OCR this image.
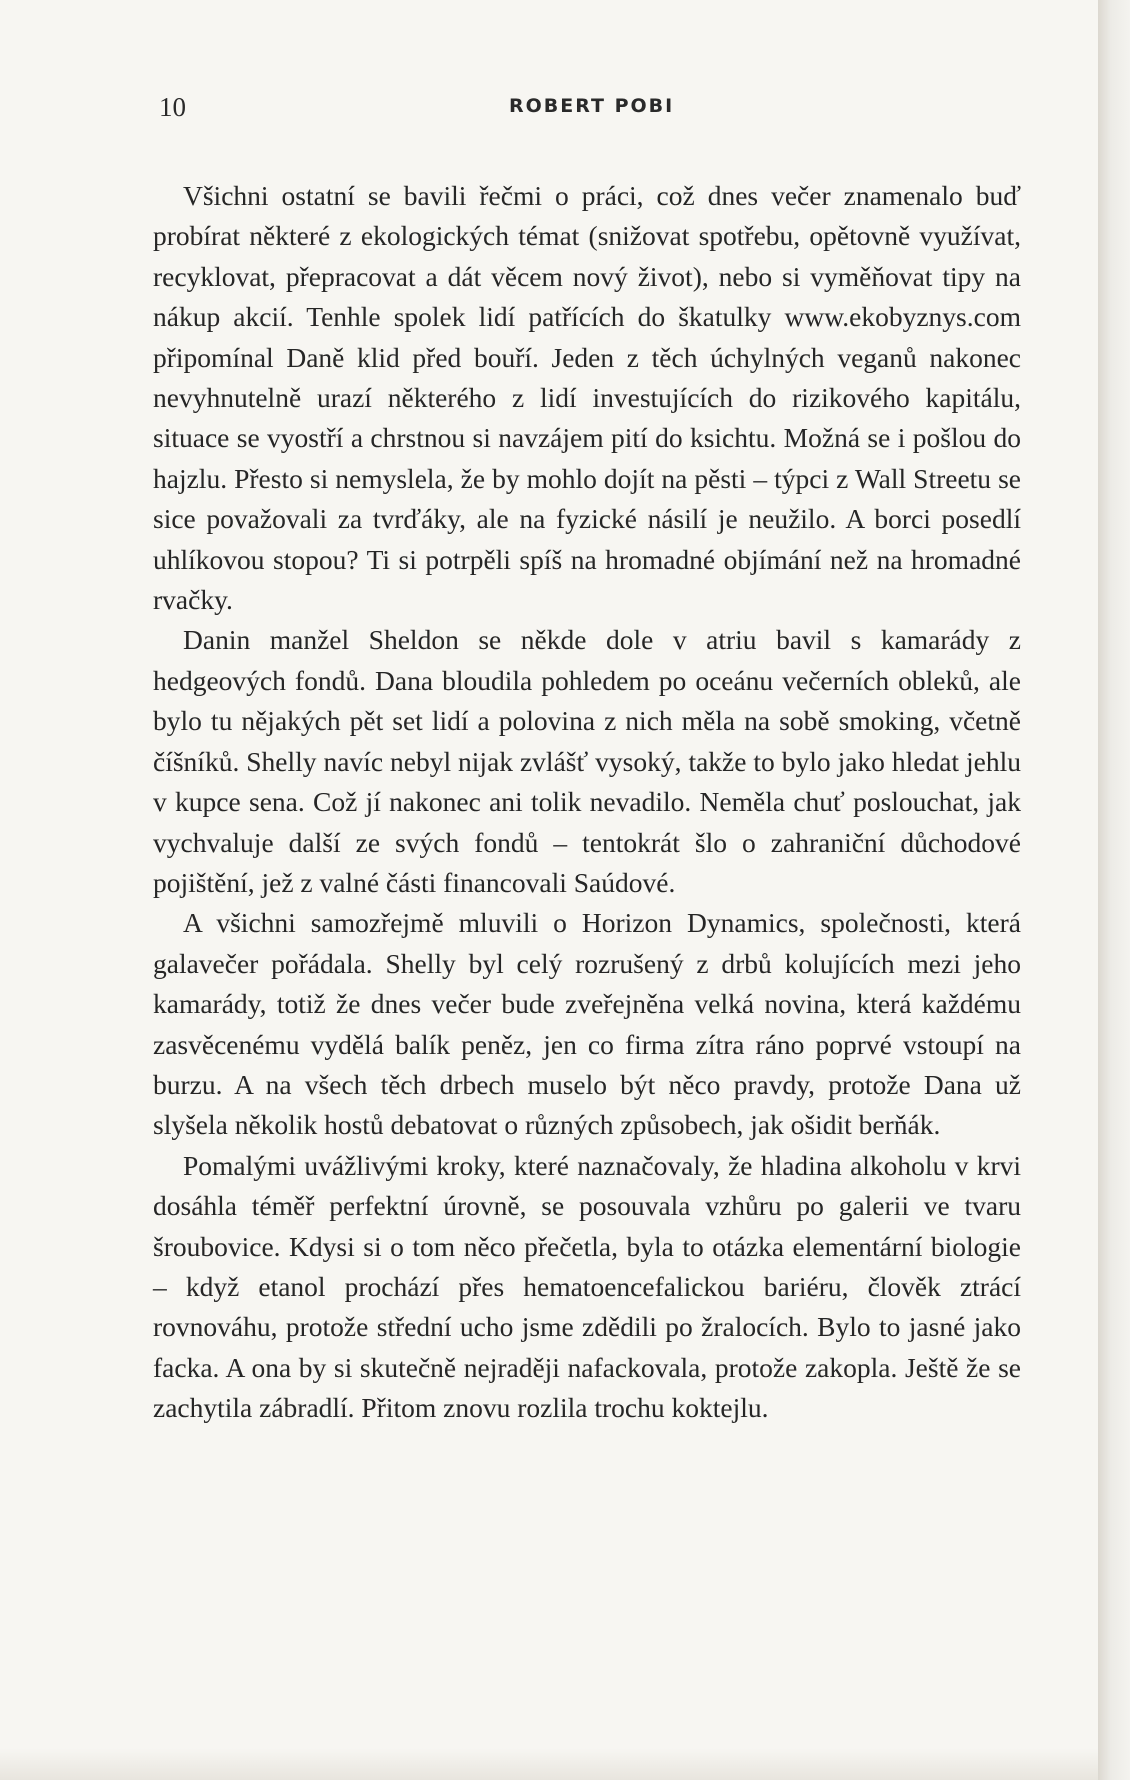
10	ROBERT POBI

Všichni ostatní se bavili řečmi o práci, což dnes večer znamenalo buď probírat některé z ekologických témat (snižovat spotřebu, opětovně využívat, recyklovat, přepracovat a dát věcem nový život), nebo si vyměňovat tipy na nákup akcií. Tenhle spolek lidí patřících do škatulky www.ekobyznys.com připomínal Daně klid před bouří. Jeden z těch úchylných veganů nakonec nevyhnutelně urazí některého z lidí investujících do rizikového kapitálu, situace se vyostří a chrstnou si navzájem pití do ksichtu. Možná se i pošlou do hajzlu. Přesto si nemyslela, že by mohlo dojít na pěsti – týpci z Wall Streetu se sice považovali za tvrďáky, ale na fyzické násilí je neužilo. A borci posedlí uhlíkovou stopou? Ti si potrpěli spíš na hromadné objímání než na hromadné rvačky.

Danin manžel Sheldon se někde dole v atriu bavil s kamarády z hedgeových fondů. Dana bloudila pohledem po oceánu večerních obleků, ale bylo tu nějakých pět set lidí a polovina z nich měla na sobě smoking, včetně číšníků. Shelly navíc nebyl nijak zvlášť vysoký, takže to bylo jako hledat jehlu v kupce sena. Což jí nakonec ani tolik nevadilo. Neměla chuť poslouchat, jak vychvaluje další ze svých fondů – tentokrát šlo o zahraniční důchodové pojištění, jež z valné části financovali Saúdové.

A všichni samozřejmě mluvili o Horizon Dynamics, společnosti, která galavečer pořádala. Shelly byl celý rozrušený z drbů kolujících mezi jeho kamarády, totiž že dnes večer bude zveřejněna velká novina, která každému zasvěcenému vydělá balík peněz, jen co firma zítra ráno poprvé vstoupí na burzu. A na všech těch drbech muselo být něco pravdy, protože Dana už slyšela několik hostů debatovat o různých způsobech, jak ošidit berňák.

Pomalými uvážlivými kroky, které naznačovaly, že hladina alkoholu v krvi dosáhla téměř perfektní úrovně, se posouvala vzhůru po galerii ve tvaru šroubovice. Kdysi si o tom něco přečetla, byla to otázka elementární biologie – když etanol prochází přes hematoencefalickou bariéru, člověk ztrácí rovnováhu, protože střední ucho jsme zdědili po žralocích. Bylo to jasné jako facka. A ona by si skutečně nejraději nafackovala, protože zakopla. Ještě že se zachytila zábradlí. Přitom znovu rozlila trochu koktejlu.
